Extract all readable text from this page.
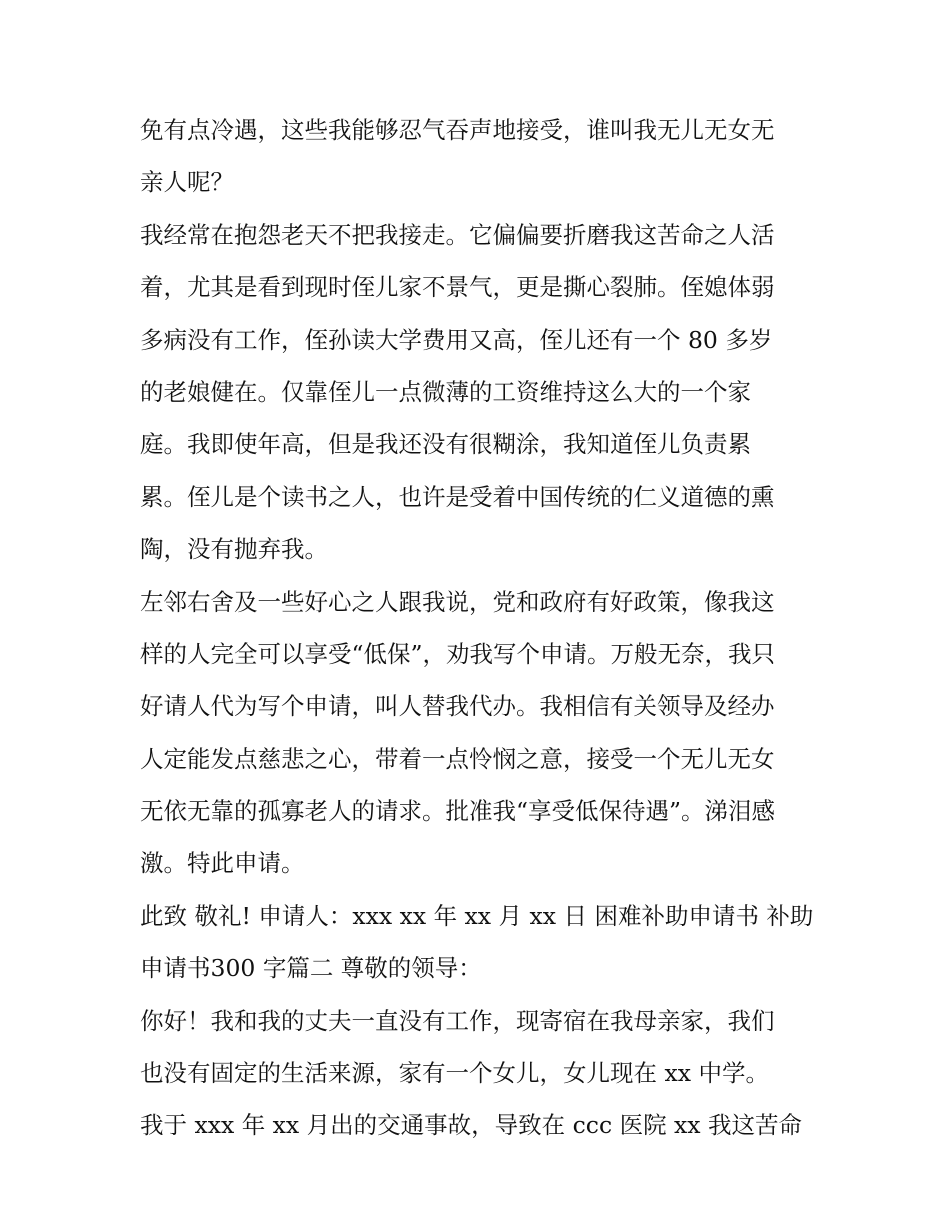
免有点冷遇，这些我能够忍气吞声地接受，谁叫我无儿无女无
亲人呢？
我经常在抱怨老天不把我接走。它偏偏要折磨我这苦命之人活
着，尤其是看到现时侄儿家不景气，更是撕心裂肺。侄媳体弱
多病没有工作，侄孙读大学费用又高，侄儿还有一个 80 多岁
的老娘健在。仅靠侄儿一点微薄的工资维持这么大的一个家
庭。我即使年高，但是我还没有很糊涂，我知道侄儿负责累
累。侄儿是个读书之人，也许是受着中国传统的仁义道德的熏
陶，没有抛弃我。
左邻右舍及一些好心之人跟我说，党和政府有好政策，像我这
样的人完全可以享受“低保”，劝我写个申请。万般无奈，我只
好请人代为写个申请，叫人替我代办。我相信有关领导及经办
人定能发点慈悲之心，带着一点怜悯之意，接受一个无儿无女
无依无靠的孤寡老人的请求。批准我“享受低保待遇”。涕泪感
激。特此申请。
此致 敬礼! 申请人：xxx xx 年 xx 月 xx 日 困难补助申请书 补助
申请书300 字篇二 尊敬的领导：
你好！我和我的丈夫一直没有工作，现寄宿在我母亲家，我们
也没有固定的生活来源，家有一个女儿，女儿现在 xx 中学。
我于 xxx 年 xx 月出的交通事故，导致在 ccc 医院 xx 我这苦命
